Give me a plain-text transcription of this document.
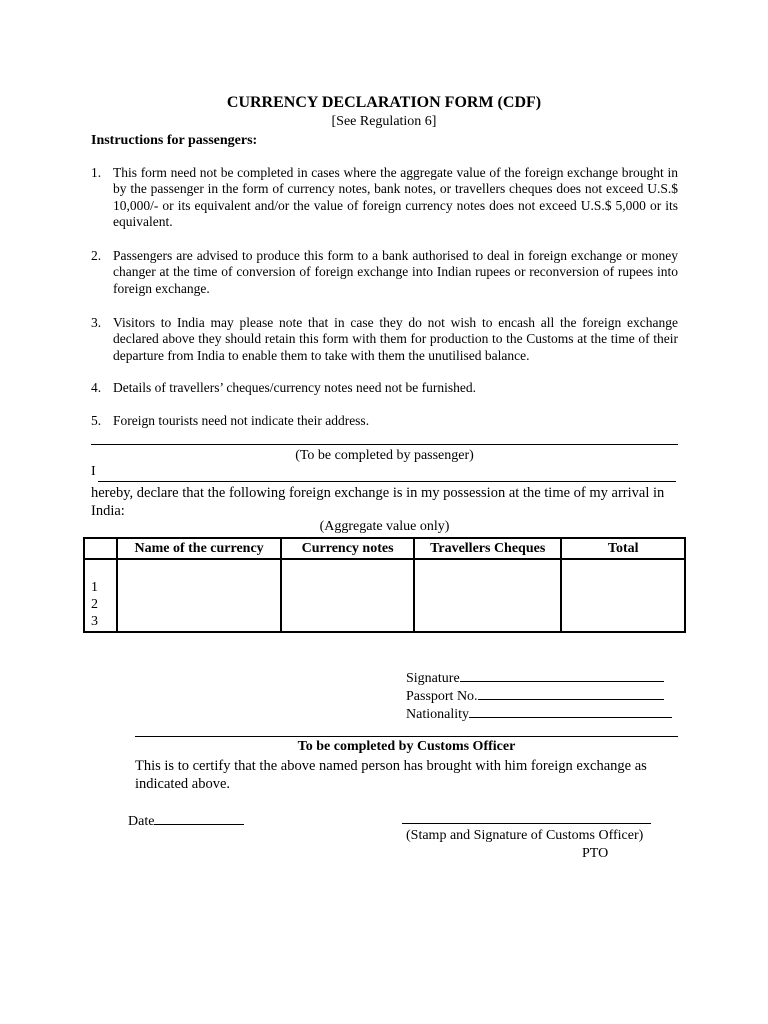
CURRENCY DECLARATION FORM (CDF)
[See Regulation 6]
Instructions for passengers:
1. This form need not be completed in cases where the aggregate value of the foreign exchange brought in by the passenger in the form of currency notes, bank notes, or travellers cheques does not exceed U.S.$ 10,000/- or its equivalent and/or the value of foreign currency notes does not exceed U.S.$ 5,000 or its equivalent.
2. Passengers are advised to produce this form to a bank authorised to deal in foreign exchange or money changer at the time of conversion of foreign exchange into Indian rupees or reconversion of rupees into foreign exchange.
3. Visitors to India may please note that in case they do not wish to encash all the foreign exchange declared above they should retain this form with them for production to the Customs at the time of their departure from India to enable them to take with them the unutilised balance.
4. Details of travellers’ cheques/currency notes need not be furnished.
5. Foreign tourists need not indicate their address.
(To be completed by passenger)
I
hereby, declare that the following foreign exchange is in my possession at the time of my arrival in India:
(Aggregate value only)
	Name of the currency	Currency notes	Travellers Cheques	Total

1
2
3				

Signature
Passport No.
Nationality
To be completed by Customs Officer
This is to certify that the above named person has brought with him foreign exchange as indicated above.
Date
(Stamp and Signature of Customs Officer)
PTO
